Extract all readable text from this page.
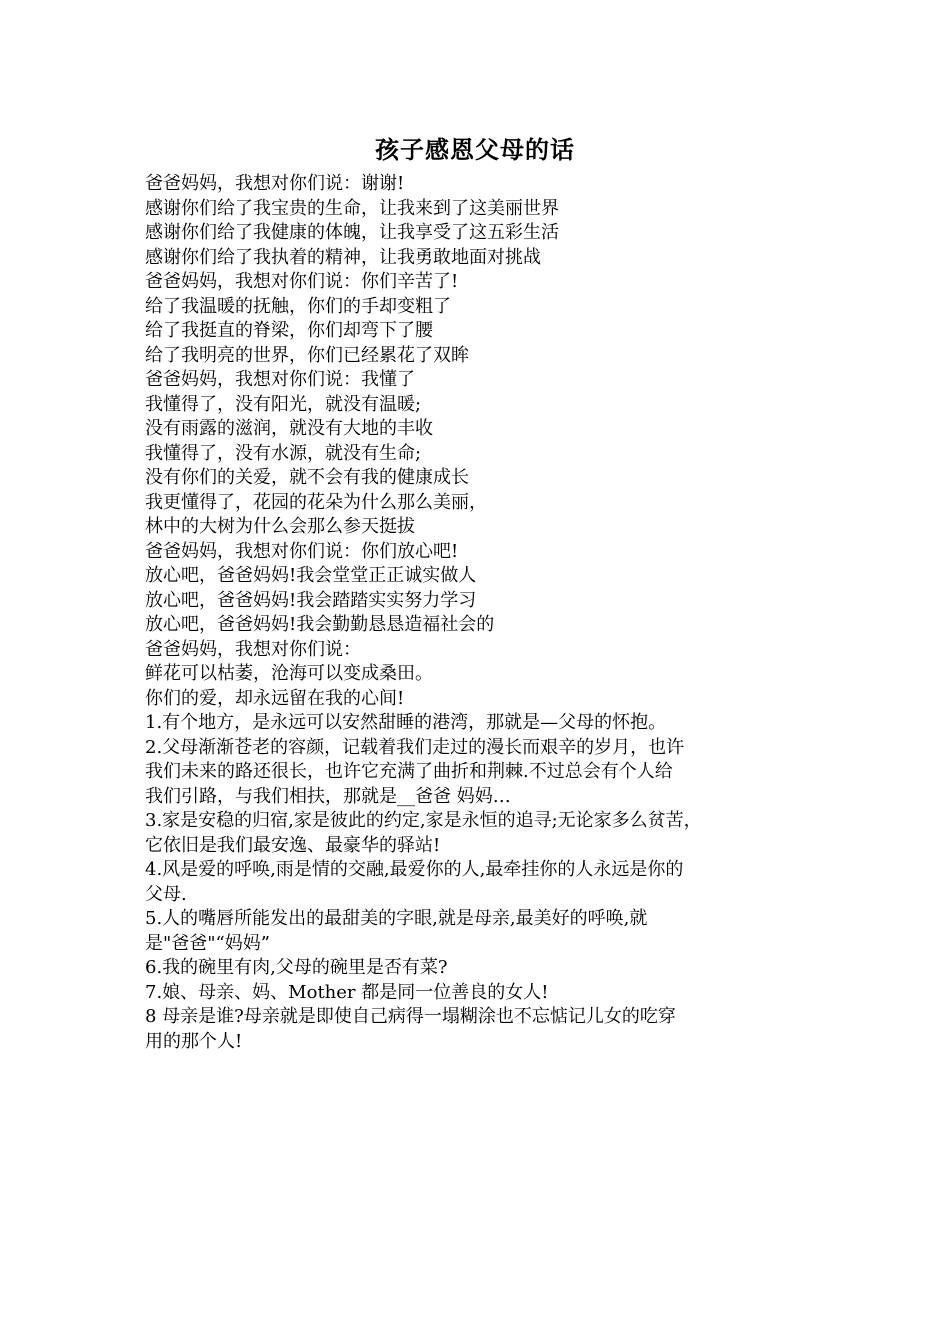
孩子感恩父母的话
爸爸妈妈，我想对你们说：谢谢!
感谢你们给了我宝贵的生命，让我来到了这美丽世界
感谢你们给了我健康的体魄，让我享受了这五彩生活
感谢你们给了我执着的精神，让我勇敢地面对挑战
爸爸妈妈，我想对你们说：你们辛苦了!
给了我温暖的抚触，你们的手却变粗了
给了我挺直的脊梁，你们却弯下了腰
给了我明亮的世界，你们已经累花了双眸
爸爸妈妈，我想对你们说：我懂了
我懂得了，没有阳光，就没有温暖;
没有雨露的滋润，就没有大地的丰收
我懂得了，没有水源，就没有生命;
没有你们的关爱，就不会有我的健康成长
我更懂得了，花园的花朵为什么那么美丽，
林中的大树为什么会那么参天挺拔
爸爸妈妈，我想对你们说：你们放心吧!
放心吧，爸爸妈妈!我会堂堂正正诚实做人
放心吧，爸爸妈妈!我会踏踏实实努力学习
放心吧，爸爸妈妈!我会勤勤恳恳造福社会的
爸爸妈妈，我想对你们说：
鲜花可以枯萎，沧海可以变成桑田。
你们的爱，却永远留在我的心间!
1.有个地方，是永远可以安然甜睡的港湾，那就是—父母的怀抱。
2.父母渐渐苍老的容颜，记载着我们走过的漫长而艰辛的岁月，也许
我们未来的路还很长，也许它充满了曲折和荆棘.不过总会有个人给
我们引路，与我们相扶，那就是__爸爸 妈妈…
3.家是安稳的归宿,家是彼此的约定,家是永恒的追寻;无论家多么贫苦，
它依旧是我们最安逸、最豪华的驿站!
4.风是爱的呼唤,雨是情的交融,最爱你的人,最牵挂你的人永远是你的
父母.
5.人的嘴唇所能发出的最甜美的字眼,就是母亲,最美好的呼唤,就
是"爸爸"“妈妈”
6.我的碗里有肉,父母的碗里是否有菜?
7.娘、母亲、妈、Mother 都是同一位善良的女人!
8 母亲是谁?母亲就是即使自己病得一塌糊涂也不忘惦记儿女的吃穿
用的那个人!
